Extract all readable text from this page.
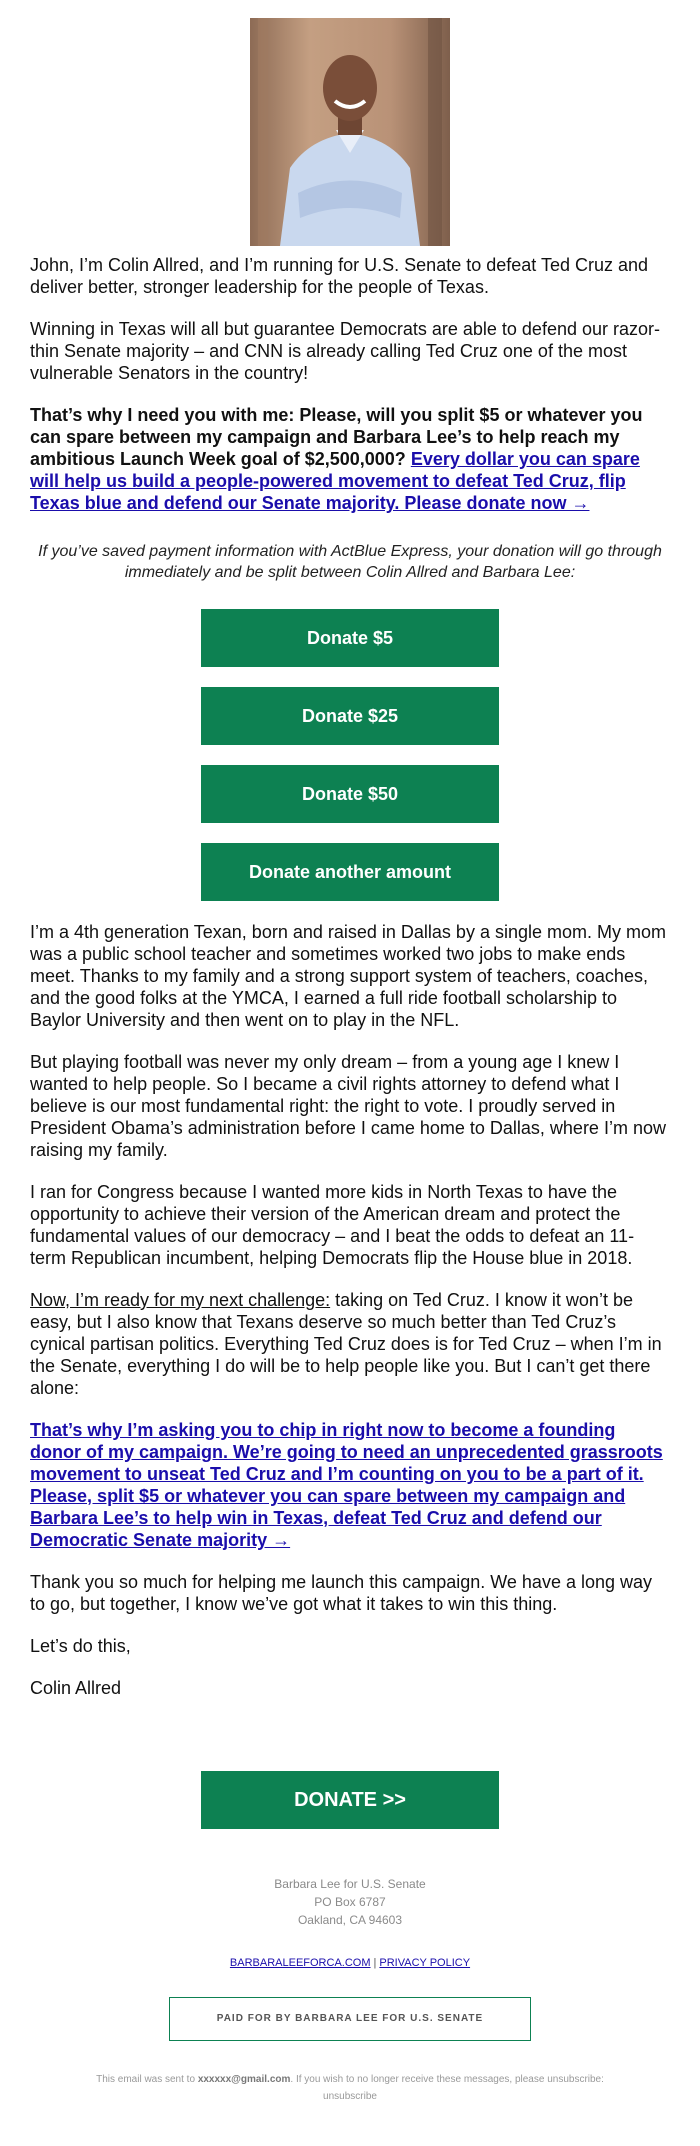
John, I’m Colin Allred, and I’m running for U.S. Senate to defeat Ted Cruz and deliver better, stronger leadership for the people of Texas.

Winning in Texas will all but guarantee Democrats are able to defend our razor-thin Senate majority – and CNN is already calling Ted Cruz one of the most vulnerable Senators in the country!

That’s why I need you with me: Please, will you split $5 or whatever you can spare between my campaign and Barbara Lee’s to help reach my ambitious Launch Week goal of $2,500,000? Every dollar you can spare will help us build a people-powered movement to defeat Ted Cruz, flip Texas blue and defend our Senate majority. Please donate now →

If you’ve saved payment information with ActBlue Express, your donation will go through immediately and be split between Colin Allred and Barbara Lee:

Donate $5
Donate $25
Donate $50
Donate another amount

I’m a 4th generation Texan, born and raised in Dallas by a single mom. My mom was a public school teacher and sometimes worked two jobs to make ends meet. Thanks to my family and a strong support system of teachers, coaches, and the good folks at the YMCA, I earned a full ride football scholarship to Baylor University and then went on to play in the NFL.

But playing football was never my only dream – from a young age I knew I wanted to help people. So I became a civil rights attorney to defend what I believe is our most fundamental right: the right to vote. I proudly served in President Obama’s administration before I came home to Dallas, where I’m now raising my family.

I ran for Congress because I wanted more kids in North Texas to have the opportunity to achieve their version of the American dream and protect the fundamental values of our democracy – and I beat the odds to defeat an 11-term Republican incumbent, helping Democrats flip the House blue in 2018.

Now, I’m ready for my next challenge: taking on Ted Cruz. I know it won’t be easy, but I also know that Texans deserve so much better than Ted Cruz’s cynical partisan politics. Everything Ted Cruz does is for Ted Cruz – when I’m in the Senate, everything I do will be to help people like you. But I can’t get there alone:

That’s why I’m asking you to chip in right now to become a founding donor of my campaign. We’re going to need an unprecedented grassroots movement to unseat Ted Cruz and I’m counting on you to be a part of it. Please, split $5 or whatever you can spare between my campaign and Barbara Lee’s to help win in Texas, defeat Ted Cruz and defend our Democratic Senate majority →

Thank you so much for helping me launch this campaign. We have a long way to go, but together, I know we’ve got what it takes to win this thing.

Let’s do this,

Colin Allred

DONATE >>
Barbara Lee for U.S. Senate
PO Box 6787
Oakland, CA 94603
BARBARALEEFORCA.COM | PRIVACY POLICY
PAID FOR BY BARBARA LEE FOR U.S. SENATE
This email was sent to xxxxxx@gmail.com. If you wish to no longer receive these messages, please unsubscribe:
unsubscribe
